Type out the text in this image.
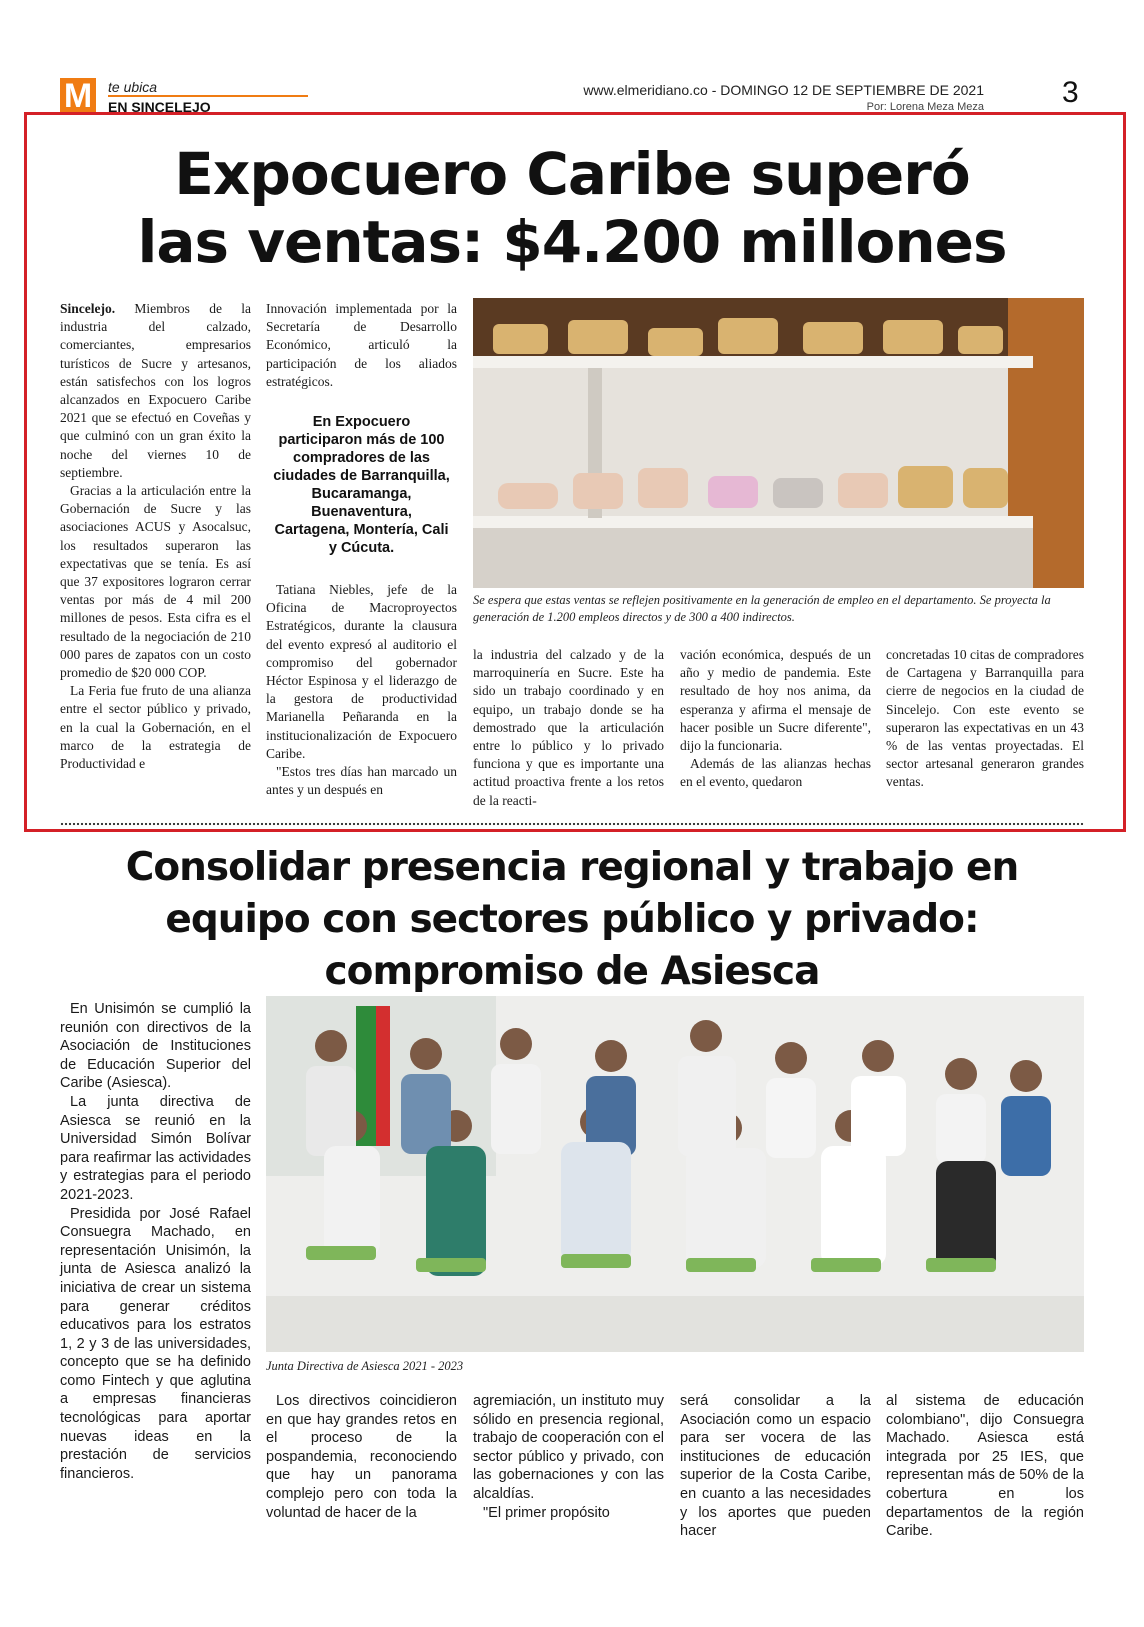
M te ubica
EN SINCELEJO
www.elmeridiano.co - DOMINGO 12 DE SEPTIEMBRE DE 2021
Por: Lorena Meza Meza	3
Expocuero Caribe superó
las ventas: $4.200 millones

Sincelejo. Miembros de la industria del calzado, comerciantes, empresarios turísticos de Sucre y artesanos, están satisfechos con los logros alcanzados en Expocuero Caribe 2021 que se efectuó en Coveñas y que culminó con un gran éxito la noche del viernes 10 de septiembre.

Gracias a la articulación entre la Gobernación de Sucre y las asociaciones ACUS y Asocalsuc, los resultados superaron las expectativas que se tenía. Es así que 37 expositores lograron cerrar ventas por más de 4 mil 200 millones de pesos. Esta cifra es el resultado de la negociación de 210 000 pares de zapatos con un costo promedio de $20 000 COP.

La Feria fue fruto de una alianza entre el sector público y privado, en la cual la Gobernación, en el marco de la estrategia de Productividad e

Innovación implementada por la Secretaría de Desarrollo Económico, articuló la participación de los aliados estratégicos.

En Expocuero participaron más de 100 compradores de las ciudades de Barranquilla, Bucaramanga, Buenaventura, Cartagena, Montería, Cali y Cúcuta.

Tatiana Niebles, jefe de la Oficina de Macroproyectos Estratégicos, durante la clausura del evento expresó al auditorio el compromiso del gobernador Héctor Espinosa y el liderazgo de la gestora de productividad Marianella Peñaranda en la institucionalización de Expocuero Caribe.

"Estos tres días han marcado un antes y un después en

Se espera que estas ventas se reflejen positivamente en la generación de empleo en el departamento. Se proyecta la generación de 1.200 empleos directos y de 300 a 400 indirectos.

la industria del calzado y de la marroquinería en Sucre. Este ha sido un trabajo coordinado y en equipo, un trabajo donde se ha demostrado que la articulación entre lo público y lo privado funciona y que es importante una actitud proactiva frente a los retos de la reacti-

vación económica, después de un año y medio de pandemia. Este resultado de hoy nos anima, da esperanza y afirma el mensaje de hacer posible un Sucre diferente", dijo la funcionaria.

Además de las alianzas hechas en el evento, quedaron

concretadas 10 citas de compradores de Cartagena y Barranquilla para cierre de negocios en la ciudad de Sincelejo. Con este evento se superaron las expectativas en un 43 % de las ventas proyectadas. El sector artesanal generaron grandes ventas.

Consolidar presencia regional y trabajo en
equipo con sectores público y privado:
compromiso de Asiesca

En Unisimón se cumplió la reunión con directivos de la Asociación de Instituciones de Educación Superior del Caribe (Asiesca).

La junta directiva de Asiesca se reunió en la Universidad Simón Bolívar para reafirmar las actividades y estrategias para el periodo 2021-2023.

Presidida por José Rafael Consuegra Machado, en representación Unisimón, la junta de Asiesca analizó la iniciativa de crear un sistema para generar créditos educativos para los estratos 1, 2 y 3 de las universidades, concepto que se ha definido como Fintech y que aglutina a empresas financieras tecnológicas para aportar nuevas ideas en la prestación de servicios financieros.

Junta Directiva de Asiesca 2021 - 2023

Los directivos coincidieron en que hay grandes retos en el proceso de la pospandemia, reconociendo que hay un panorama complejo pero con toda la voluntad de hacer de la

agremiación, un instituto muy sólido en presencia regional, trabajo de cooperación con el sector público y privado, con las gobernaciones y con las alcaldías.

"El primer propósito

será consolidar a la Asociación como un espacio para ser vocera de las instituciones de educación superior de la Costa Caribe, en cuanto a las necesidades y los aportes que pueden hacer

al sistema de educación colombiano", dijo Consuegra Machado. Asiesca está integrada por 25 IES, que representan más de 50% de la cobertura en los departamentos de la región Caribe.
